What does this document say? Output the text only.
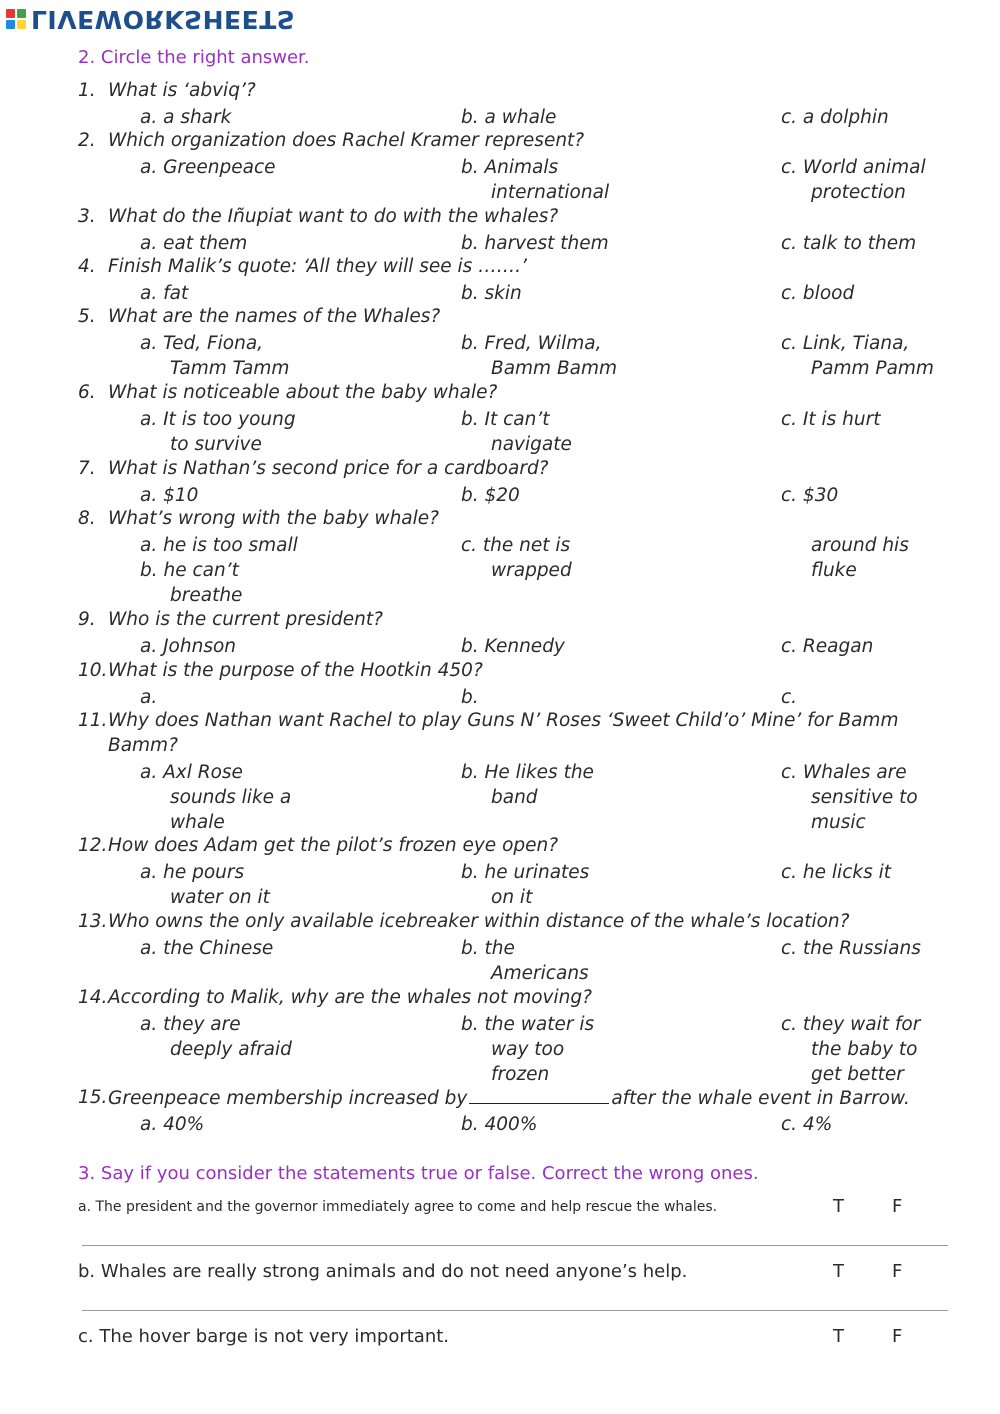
LIVEWORKSHEETS
2. Circle the right answer.
1. What is ‘abviq’?
a. a shark	b. a whale	c. a dolphin
2. Which organization does Rachel Kramer represent?
a. Greenpeace	b. Animals
international
c. World animal
protection
3. What do the Iñupiat want to do with the whales?
a. eat them	b. harvest them	c. talk to them
4. Finish Malik’s quote: ‘All they will see is …….’
a. fat	b. skin	c. blood
5. What are the names of the Whales?
a. Ted, Fiona,
Tamm Tamm
b. Fred, Wilma,
Bamm Bamm
c. Link, Tiana,
Pamm Pamm
6. What is noticeable about the baby whale?
a. It is too young
to survive
b. It can’t
navigate
c. It is hurt
7. What is Nathan’s second price for a cardboard?
a. $10	b. $20	c. $30
8. What’s wrong with the baby whale?
a. he is too small
b. he can’t
breathe
c. the net is
wrapped
around his
fluke
9. Who is the current president?
a. Johnson	b. Kennedy	c. Reagan
10. What is the purpose of the Hootkin 450?
a.	b.	c.
11. Why does Nathan want Rachel to play Guns N’ Roses ‘Sweet Child’o’ Mine’ for Bamm
Bamm?
a. Axl Rose
sounds like a
whale
b. He likes the
band
c. Whales are
sensitive to
music
12. How does Adam get the pilot’s frozen eye open?
a. he pours
water on it
b. he urinates
on it
c. he licks it
13. Who owns the only available icebreaker within distance of the whale’s location?
a. the Chinese	b. the
Americans
c. the Russians
14. According to Malik, why are the whales not moving?
a. they are
deeply afraid
b. the water is
way too
frozen
c. they wait for
the baby to
get better
15. Greenpeace membership increased by	after the whale event in Barrow.
a. 40%	b. 400%	c. 4%
3. Say if you consider the statements true or false. Correct the wrong ones.
a. The president and the governor immediately agree to come and help rescue the whales.	T	F
b. Whales are really strong animals and do not need anyone’s help.	T	F
c. The hover barge is not very important.	T	F
